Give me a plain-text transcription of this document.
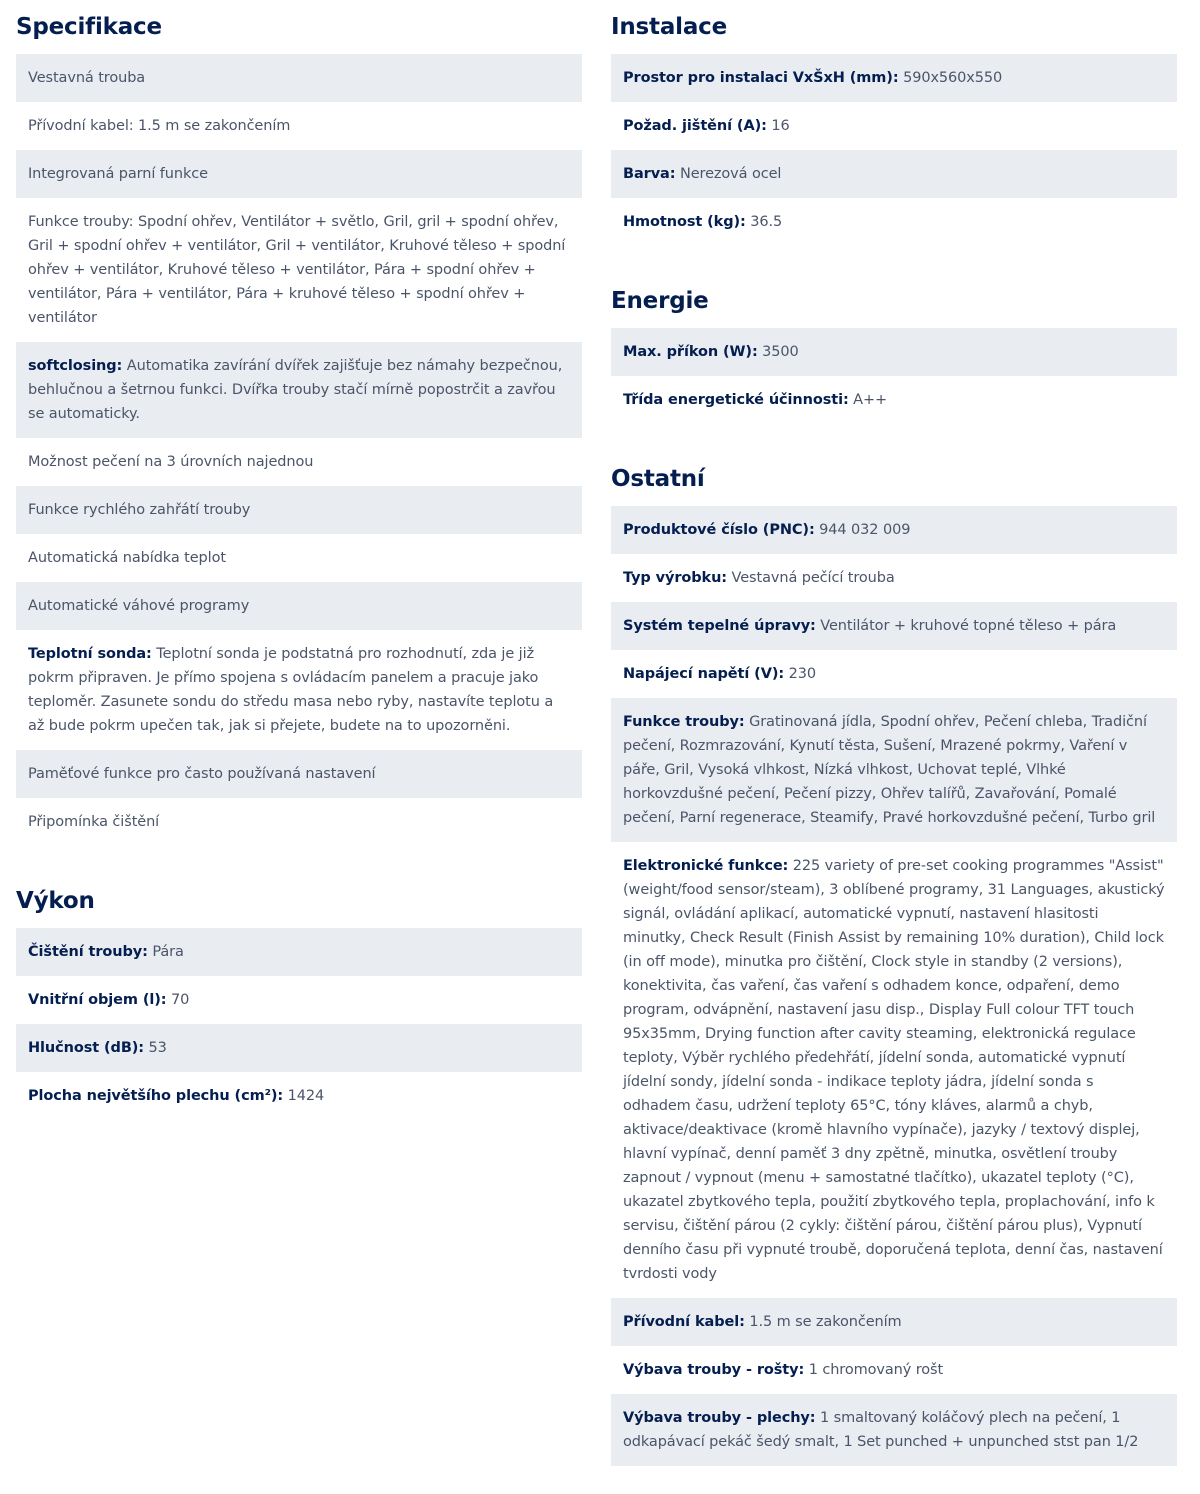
Specifikace
Vestavná trouba
Přívodní kabel: 1.5 m se zakončením
Integrovaná parní funkce
Funkce trouby: Spodní ohřev, Ventilátor + světlo, Gril, gril + spodní ohřev, Gril + spodní ohřev + ventilátor, Gril + ventilátor, Kruhové těleso + spodní ohřev + ventilátor, Kruhové těleso + ventilátor, Pára + spodní ohřev + ventilátor, Pára + ventilátor, Pára + kruhové těleso + spodní ohřev + ventilátor
softclosing: Automatika zavírání dvířek zajišťuje bez námahy bezpečnou, behlučnou a šetrnou funkci. Dvířka trouby stačí mírně popostrčit a zavřou se automaticky.
Možnost pečení na 3 úrovních najednou
Funkce rychlého zahřátí trouby
Automatická nabídka teplot
Automatické váhové programy
Teplotní sonda: Teplotní sonda je podstatná pro rozhodnutí, zda je již pokrm připraven. Je přímo spojena s ovládacím panelem a pracuje jako teploměr. Zasunete sondu do středu masa nebo ryby, nastavíte teplotu a až bude pokrm upečen tak, jak si přejete, budete na to upozorněni.
Paměťové funkce pro často používaná nastavení
Připomínka čištění
Výkon
Čištění trouby: Pára
Vnitřní objem (l): 70
Hlučnost (dB): 53
Plocha největšího plechu (cm²): 1424
Instalace
Prostor pro instalaci VxŠxH (mm): 590x560x550
Požad. jištění (A): 16
Barva: Nerezová ocel
Hmotnost (kg): 36.5
Energie
Max. příkon (W): 3500
Třída energetické účinnosti: A++
Ostatní
Produktové číslo (PNC): 944 032 009
Typ výrobku: Vestavná pečící trouba
Systém tepelné úpravy: Ventilátor + kruhové topné těleso + pára
Napájecí napětí (V): 230
Funkce trouby: Gratinovaná jídla, Spodní ohřev, Pečení chleba, Tradiční pečení, Rozmrazování, Kynutí těsta, Sušení, Mrazené pokrmy, Vaření v páře, Gril, Vysoká vlhkost, Nízká vlhkost, Uchovat teplé, Vlhké horkovzdušné pečení, Pečení pizzy, Ohřev talířů, Zavařování, Pomalé pečení, Parní regenerace, Steamify, Pravé horkovzdušné pečení, Turbo gril
Elektronické funkce: 225 variety of pre-set cooking programmes "Assist" (weight/food sensor/steam), 3 oblíbené programy, 31 Languages, akustický signál, ovládání aplikací, automatické vypnutí, nastavení hlasitosti minutky, Check Result (Finish Assist by remaining 10% duration), Child lock (in off mode), minutka pro čištění, Clock style in standby (2 versions), konektivita, čas vaření, čas vaření s odhadem konce, odpaření, demo program, odvápnění, nastavení jasu disp., Display Full colour TFT touch 95x35mm, Drying function after cavity steaming, elektronická regulace teploty, Výběr rychlého předehřátí, jídelní sonda, automatické vypnutí jídelní sondy, jídelní sonda - indikace teploty jádra, jídelní sonda s odhadem času, udržení teploty 65°C, tóny kláves, alarmů a chyb, aktivace/deaktivace (kromě hlavního vypínače), jazyky / textový displej, hlavní vypínač, denní paměť 3 dny zpětně, minutka, osvětlení trouby zapnout / vypnout (menu + samostatné tlačítko), ukazatel teploty (°C), ukazatel zbytkového tepla, použití zbytkového tepla, proplachování, info k servisu, čištění párou (2 cykly: čištění párou, čištění párou plus), Vypnutí denního času při vypnuté troubě, doporučená teplota, denní čas, nastavení tvrdosti vody
Přívodní kabel: 1.5 m se zakončením
Výbava trouby - rošty: 1 chromovaný rošt
Výbava trouby - plechy: 1 smaltovaný koláčový plech na pečení, 1 odkapávací pekáč šedý smalt, 1 Set punched + unpunched stst pan 1/2
